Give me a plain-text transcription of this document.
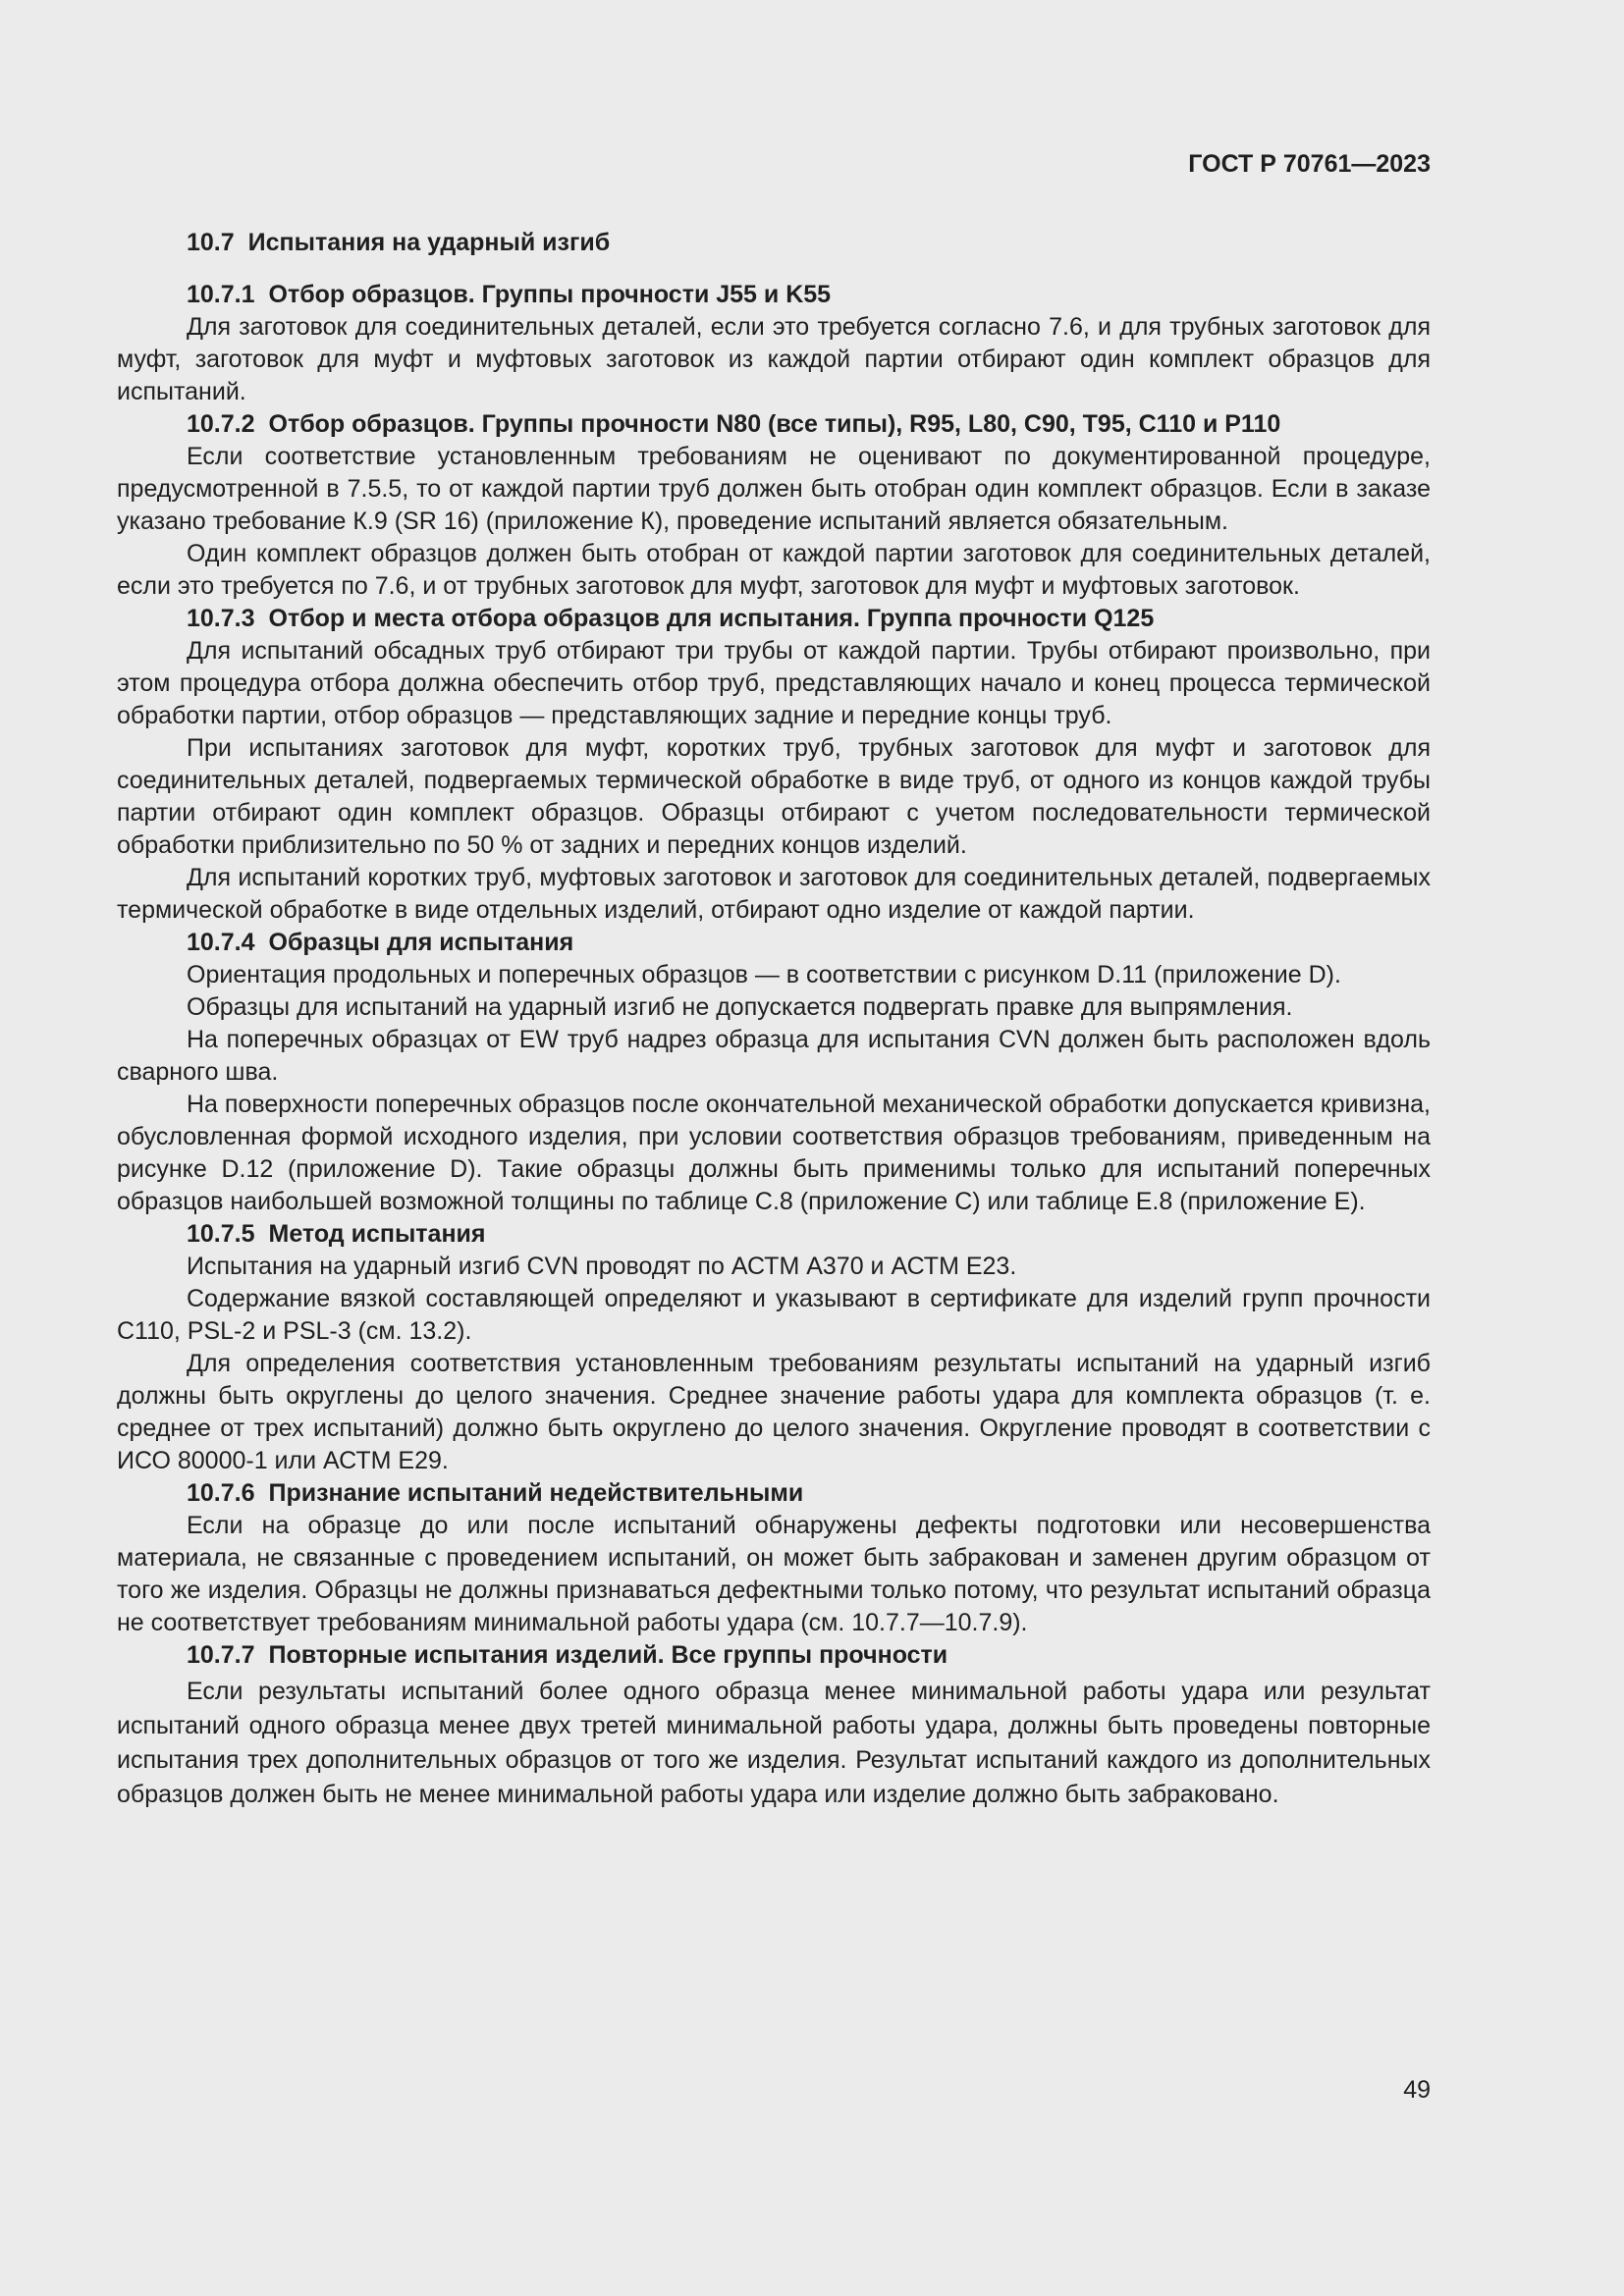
ГОСТ Р 70761—2023
10.7 Испытания на ударный изгиб
10.7.1 Отбор образцов. Группы прочности J55 и K55

Для заготовок для соединительных деталей, если это требуется согласно 7.6, и для трубных заготовок для муфт, заготовок для муфт и муфтовых заготовок из каждой партии отбирают один комплект образцов для испытаний.

10.7.2 Отбор образцов. Группы прочности N80 (все типы), R95, L80, C90, T95, C110 и P110

Если соответствие установленным требованиям не оценивают по документированной процедуре, предусмотренной в 7.5.5, то от каждой партии труб должен быть отобран один комплект образцов. Если в заказе указано требование К.9 (SR 16) (приложение К), проведение испытаний является обязательным.

Один комплект образцов должен быть отобран от каждой партии заготовок для соединительных деталей, если это требуется по 7.6, и от трубных заготовок для муфт, заготовок для муфт и муфтовых заготовок.

10.7.3 Отбор и места отбора образцов для испытания. Группа прочности Q125

Для испытаний обсадных труб отбирают три трубы от каждой партии. Трубы отбирают произвольно, при этом процедура отбора должна обеспечить отбор труб, представляющих начало и конец процесса термической обработки партии, отбор образцов — представляющих задние и передние концы труб.

При испытаниях заготовок для муфт, коротких труб, трубных заготовок для муфт и заготовок для соединительных деталей, подвергаемых термической обработке в виде труб, от одного из концов каждой трубы партии отбирают один комплект образцов. Образцы отбирают с учетом последовательности термической обработки приблизительно по 50 % от задних и передних концов изделий.

Для испытаний коротких труб, муфтовых заготовок и заготовок для соединительных деталей, подвергаемых термической обработке в виде отдельных изделий, отбирают одно изделие от каждой партии.

10.7.4 Образцы для испытания

Ориентация продольных и поперечных образцов — в соответствии с рисунком D.11 (приложение D).

Образцы для испытаний на ударный изгиб не допускается подвергать правке для выпрямления.

На поперечных образцах от EW труб надрез образца для испытания CVN должен быть расположен вдоль сварного шва.

На поверхности поперечных образцов после окончательной механической обработки допускается кривизна, обусловленная формой исходного изделия, при условии соответствия образцов требованиям, приведенным на рисунке D.12 (приложение D). Такие образцы должны быть применимы только для испытаний поперечных образцов наибольшей возможной толщины по таблице C.8 (приложение C) или таблице E.8 (приложение E).

10.7.5 Метод испытания

Испытания на ударный изгиб CVN проводят по АСТМ A370 и АСТМ E23.

Содержание вязкой составляющей определяют и указывают в сертификате для изделий групп прочности C110, PSL-2 и PSL-3 (см. 13.2).

Для определения соответствия установленным требованиям результаты испытаний на ударный изгиб должны быть округлены до целого значения. Среднее значение работы удара для комплекта образцов (т. е. среднее от трех испытаний) должно быть округлено до целого значения. Округление проводят в соответствии с ИСО 80000-1 или АСТМ E29.

10.7.6 Признание испытаний недействительными

Если на образце до или после испытаний обнаружены дефекты подготовки или несовершенства материала, не связанные с проведением испытаний, он может быть забракован и заменен другим образцом от того же изделия. Образцы не должны признаваться дефектными только потому, что результат испытаний образца не соответствует требованиям минимальной работы удара (см. 10.7.7—10.7.9).

10.7.7 Повторные испытания изделий. Все группы прочности

Если результаты испытаний более одного образца менее минимальной работы удара или результат испытаний одного образца менее двух третей минимальной работы удара, должны быть проведены повторные испытания трех дополнительных образцов от того же изделия. Результат испытаний каждого из дополнительных образцов должен быть не менее минимальной работы удара или изделие должно быть забраковано.

49
